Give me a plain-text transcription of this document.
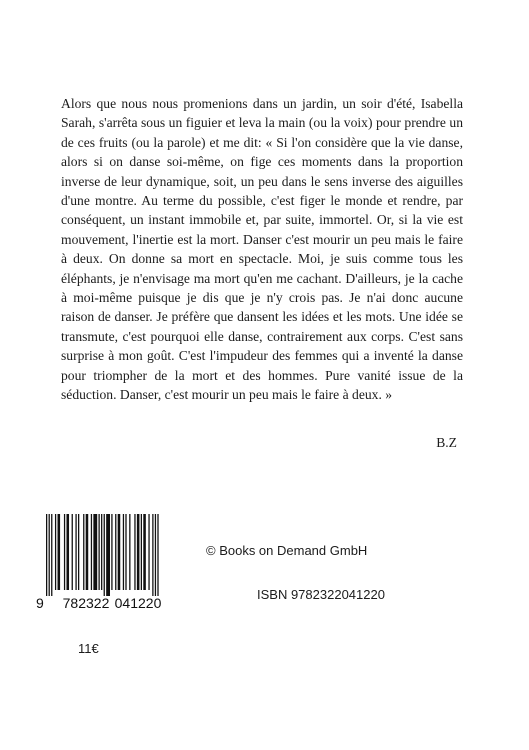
Alors que nous nous promenions dans un jardin, un soir d'été, Isabella Sarah, s'arrêta sous un figuier et leva la main (ou la voix) pour prendre un de ces fruits (ou la parole) et me dit: « Si l'on considère que la vie danse, alors si on danse soi-même, on fige ces moments dans la proportion inverse de leur dynamique, soit, un peu dans le sens inverse des aiguilles d'une montre. Au terme du possible, c'est figer le monde et rendre, par conséquent, un instant immobile et, par suite, immortel. Or, si la vie est mouvement, l'inertie est la mort. Danser c'est mourir un peu mais le faire à deux. On donne sa mort en spectacle. Moi, je suis comme tous les éléphants, je n'envisage ma mort qu'en me cachant. D'ailleurs, je la cache à moi-même puisque je dis que je n'y crois pas. Je n'ai donc aucune raison de danser. Je préfère que dansent les idées et les mots. Une idée se transmute, c'est pourquoi elle danse, contrairement aux corps. C'est sans surprise à mon goût. C'est l'impudeur des femmes qui a inventé la danse pour triompher de la mort et des hommes. Pure vanité issue de la séduction. Danser, c'est mourir un peu mais le faire à deux. »

B.Z
9 782322 041220
© Books on Demand GmbH
ISBN 9782322041220
11€
